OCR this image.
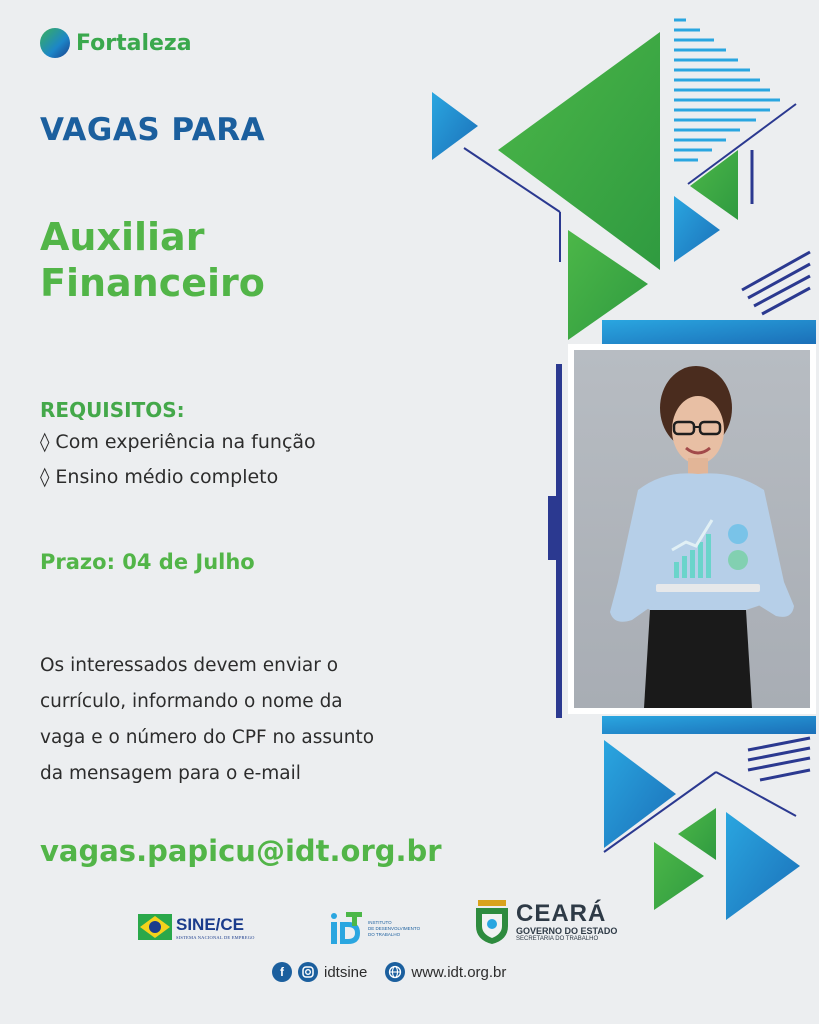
Fortaleza
VAGAS PARA
Auxiliar
Financeiro
REQUISITOS:
◊ Com experiência na função
◊ Ensino médio completo
Prazo: 04 de Julho
Os interessados devem enviar o
currículo, informando o nome da
vaga e o número do CPF no assunto
da mensagem para o e-mail
vagas.papicu@idt.org.br
SINE/CE
SISTEMA NACIONAL DE EMPREGO
INSTITUTO
DE DESENVOLVIMENTO
DO TRABALHO
CEARÁ
GOVERNO DO ESTADO
SECRETARIA DO TRABALHO
f	idtsine	www.idt.org.br
